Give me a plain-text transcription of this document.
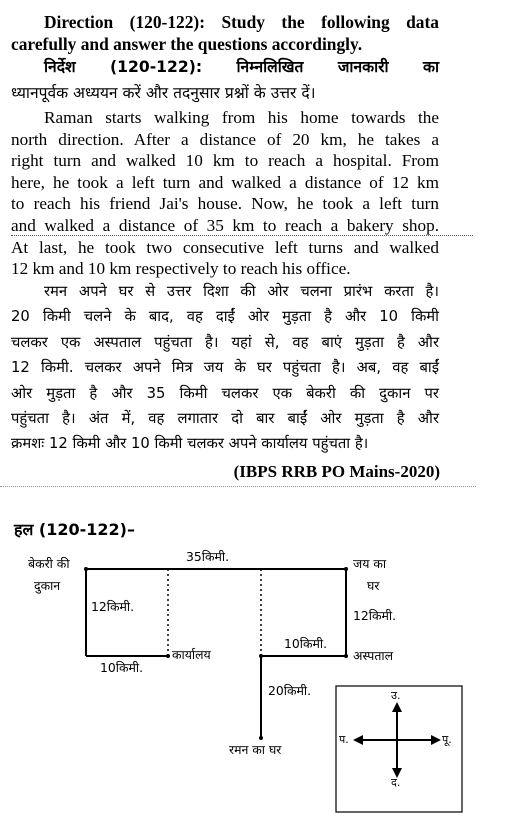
Direction (120-122): Study the following data
carefully and answer the questions accordingly.
निर्देश (120-122): निम्नलिखित जानकारी का
ध्यानपूर्वक अध्ययन करें और तदनुसार प्रश्नों के उत्तर दें।
Raman starts walking from his home towards the
north direction. After a distance of 20 km, he takes a
right turn and walked 10 km to reach a hospital. From
here, he took a left turn and walked a distance of 12 km
to reach his friend Jai's house. Now, he took a left turn
and walked a distance of 35 km to reach a bakery shop.
At last, he took two consecutive left turns and walked
12 km and 10 km respectively to reach his office.
रमन अपने घर से उत्तर दिशा की ओर चलना प्रारंभ करता है।
20 किमी चलने के बाद, वह दाईं ओर मुड़ता है और 10 किमी
चलकर एक अस्पताल पहुंचता है। यहां से, वह बाएं मुड़ता है और
12 किमी. चलकर अपने मित्र जय के घर पहुंचता है। अब, वह बाईं
ओर मुड़ता है और 35 किमी चलकर एक बेकरी की दुकान पर
पहुंचता है। अंत में, वह लगातार दो बार बाईं ओर मुड़ता है और
क्रमशः 12 किमी और 10 किमी चलकर अपने कार्यालय पहुंचता है।
(IBPS RRB PO Mains-2020)
हल (120-122)–
बेकरी की
दुकान
35किमी.	जय का
घर
12किमी.
12किमी.
10किमी.
अस्पताल
कार्यालय
10किमी.
20किमी.
रमन का घर
उ.
द.
प.	पू.
